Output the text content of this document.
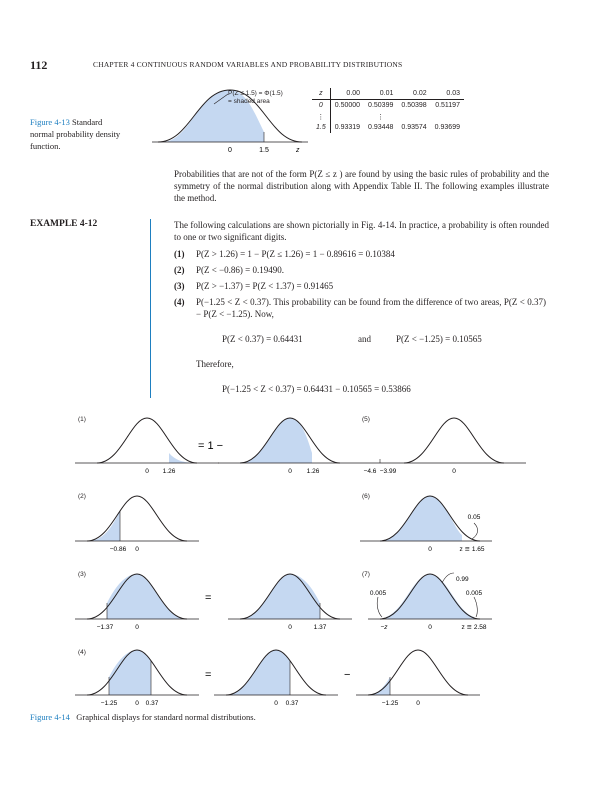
112	CHAPTER 4 CONTINUOUS RANDOM VARIABLES AND PROBABILITY DISTRIBUTIONS
Figure 4-13 Standard normal probability density function.	0	1.5	z
P(Z ≤ 1.5) = Φ(1.5)
= shaded area
z	0.00	0.01	0.02	0.03
0	0.50000	0.50399	0.50398	0.51197
⋮		⋮		
1.5	0.93319	0.93448	0.93574	0.93699
Probabilities that are not of the form P(Z ≤ z ) are found by using the basic rules of probability and the symmetry of the normal distribution along with Appendix Table II. The following examples illustrate the method.
EXAMPLE 4-12	The following calculations are shown pictorially in Fig. 4-14. In practice, a probability is often rounded to one or two significant digits.
(1) P(Z > 1.26) = 1 − P(Z ≤ 1.26) = 1 − 0.89616 = 0.10384
(2) P(Z < −0.86) = 0.19490.
(3) P(Z > −1.37) = P(Z < 1.37) = 0.91465
(4) P(−1.25 < Z < 0.37). This probability can be found from the difference of two areas, P(Z < 0.37) − P(Z < −1.25). Now,
P(Z < 0.37) = 0.64431	and	P(Z < −1.25) = 0.10565
Therefore,
P(−1.25 < Z < 0.37) = 0.64431 − 0.10565 = 0.53866
(1)
(2)
(3)
(4)
(5)
(6)
(7)
0 1.26
= 1 −
0 1.26	−4.6 −3.99	0
−0.86 0
0.05
0	z ≅ 1.65
−1.37	0
=
0	1.37
0.99
0.005	0.005
−z	0	z ≅ 2.58
−1.25	0 0.37
=
0 0.37
−
−1.25	0
Figure 4-14 Graphical displays for standard normal distributions.
